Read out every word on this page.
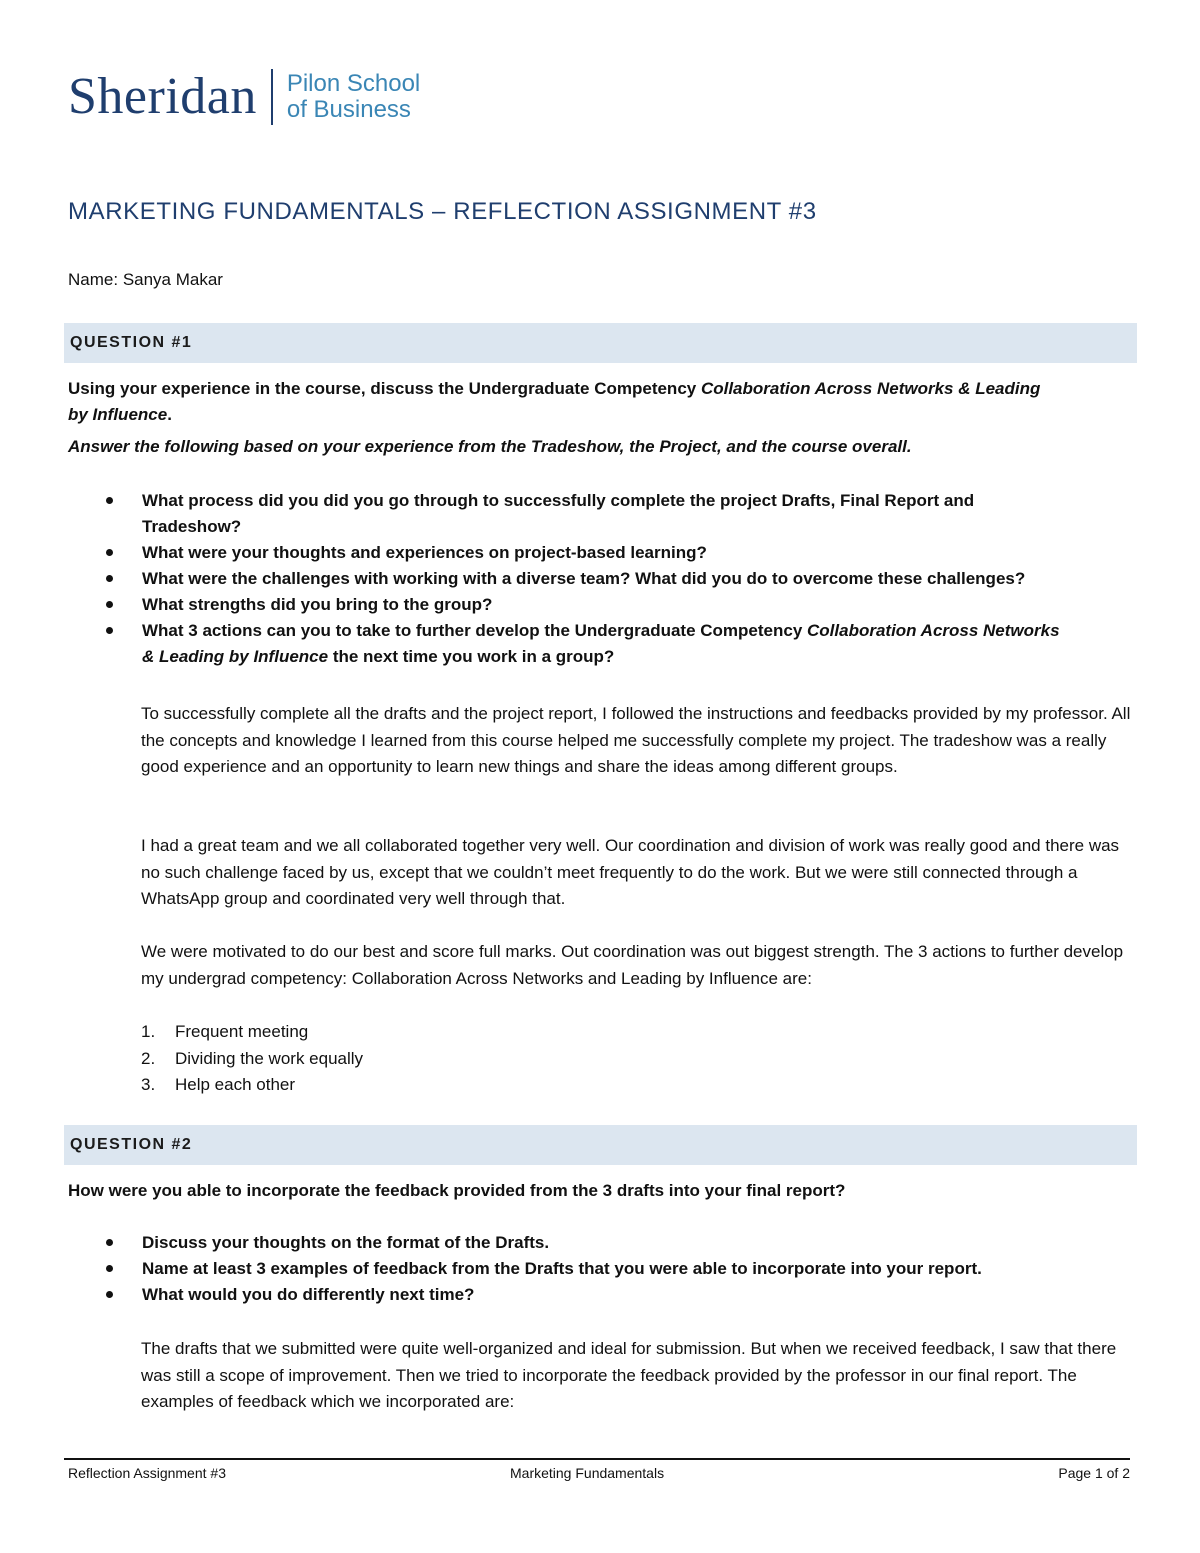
Sheridan Pilon School
of Business
MARKETING FUNDAMENTALS – REFLECTION ASSIGNMENT #3
Name: Sanya Makar
QUESTION #1
Using your experience in the course, discuss the Undergraduate Competency Collaboration Across Networks & Leading by Influence.
Answer the following based on your experience from the Tradeshow, the Project, and the course overall.
What process did you did you go through to successfully complete the project Drafts, Final Report and Tradeshow?
What were your thoughts and experiences on project-based learning?
What were the challenges with working with a diverse team? What did you do to overcome these challenges?
What strengths did you bring to the group?
What 3 actions can you to take to further develop the Undergraduate Competency Collaboration Across Networks & Leading by Influence the next time you work in a group?
To successfully complete all the drafts and the project report, I followed the instructions and feedbacks provided by my professor. All the concepts and knowledge I learned from this course helped me successfully complete my project. The tradeshow was a really good experience and an opportunity to learn new things and share the ideas among different groups.
I had a great team and we all collaborated together very well. Our coordination and division of work was really good and there was no such challenge faced by us, except that we couldn’t meet frequently to do the work. But we were still connected through a WhatsApp group and coordinated very well through that.
We were motivated to do our best and score full marks. Out coordination was out biggest strength. The 3 actions to further develop my undergrad competency: Collaboration Across Networks and Leading by Influence are:
1. Frequent meeting
2. Dividing the work equally
3. Help each other
QUESTION #2
How were you able to incorporate the feedback provided from the 3 drafts into your final report?
Discuss your thoughts on the format of the Drafts.
Name at least 3 examples of feedback from the Drafts that you were able to incorporate into your report.
What would you do differently next time?
The drafts that we submitted were quite well-organized and ideal for submission. But when we received feedback, I saw that there was still a scope of improvement. Then we tried to incorporate the feedback provided by the professor in our final report. The examples of feedback which we incorporated are:
Reflection Assignment #3	Marketing Fundamentals	Page 1 of 2
